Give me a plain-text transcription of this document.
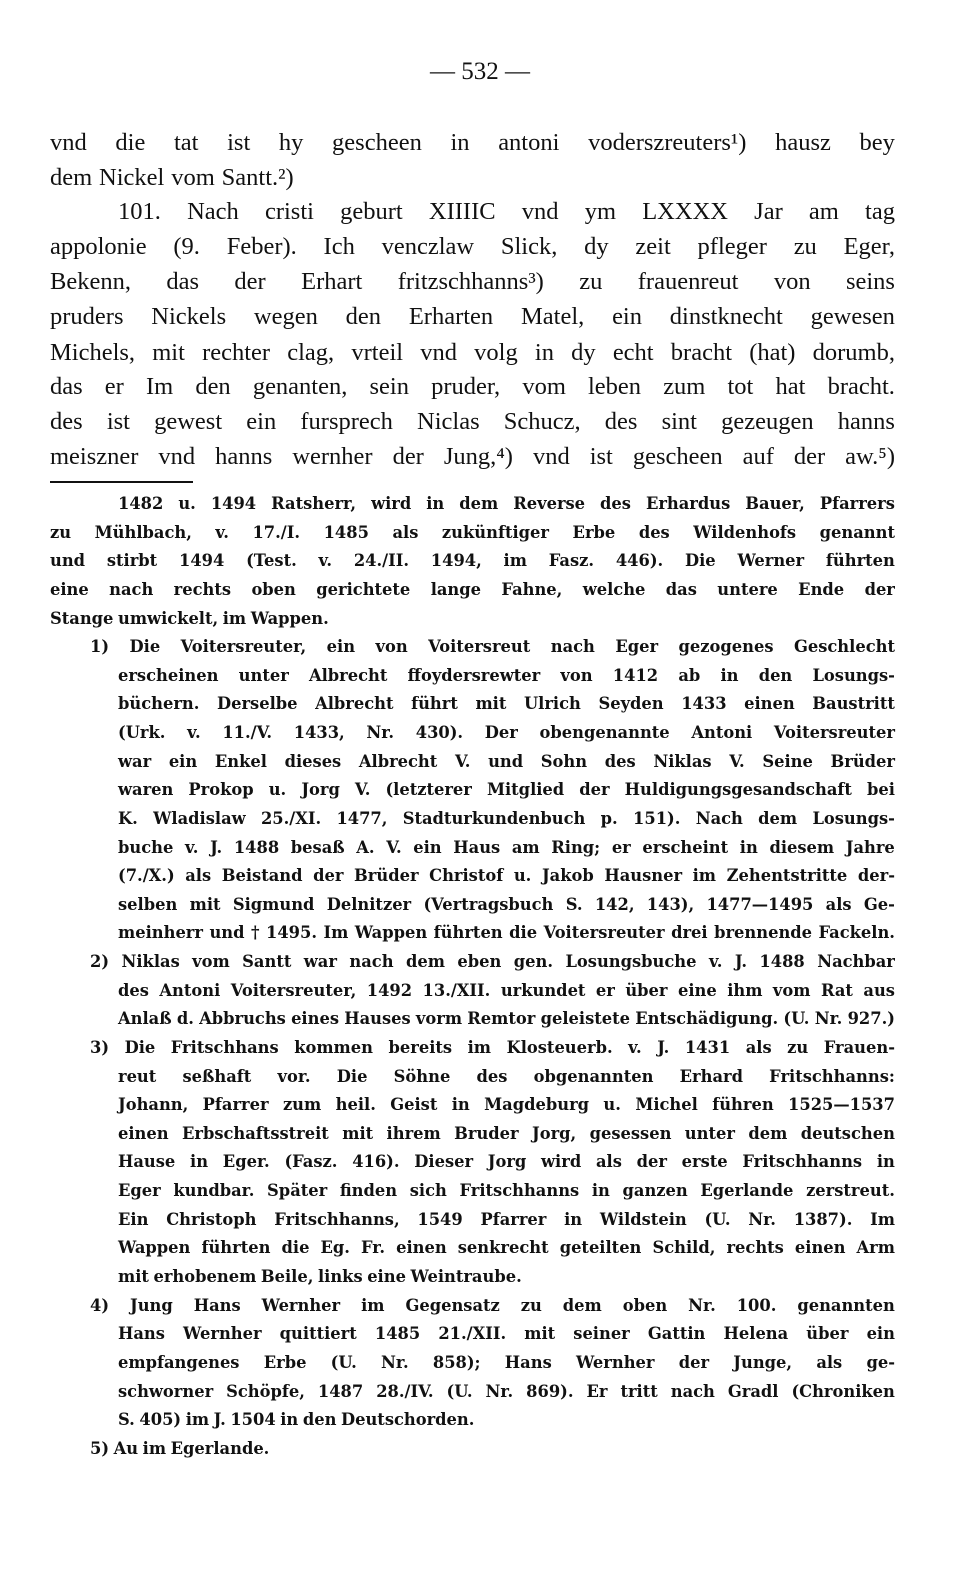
— 532 —
vnd die tat ist hy gescheen in antoni voderszreuters¹) hausz bey
dem Nickel vom Santt.²)
101. Nach cristi geburt XIIIIC vnd ym LXXXX Jar am tag
appolonie (9. Feber). Ich venczlaw Slick, dy zeit pfleger zu Eger,
Bekenn, das der Erhart fritzschhanns³) zu frauenreut von seins
pruders Nickels wegen den Erharten Matel, ein dinstknecht gewesen
Michels, mit rechter clag, vrteil vnd volg in dy echt bracht (hat) dorumb,
das er Im den genanten, sein pruder, vom leben zum tot hat bracht.
des ist gewest ein fursprech Niclas Schucz, des sint gezeugen hanns
meiszner vnd hanns wernher der Jung,⁴) vnd ist gescheen auf der aw.⁵)
1482 u. 1494 Ratsherr, wird in dem Reverse des Erhardus Bauer, Pfarrers
zu Mühlbach, v. 17./I. 1485 als zukünftiger Erbe des Wildenhofs genannt
und stirbt 1494 (Test. v. 24./II. 1494, im Fasz. 446). Die Werner führten
eine nach rechts oben gerichtete lange Fahne, welche das untere Ende der
Stange umwickelt, im Wappen.
1) Die Voitersreuter, ein von Voitersreut nach Eger gezogenes Geschlecht
erscheinen unter Albrecht ffoydersrewter von 1412 ab in den Losungs-
büchern. Derselbe Albrecht führt mit Ulrich Seyden 1433 einen Baustritt
(Urk. v. 11./V. 1433, Nr. 430). Der obengenannte Antoni Voitersreuter
war ein Enkel dieses Albrecht V. und Sohn des Niklas V. Seine Brüder
waren Prokop u. Jorg V. (letzterer Mitglied der Huldigungsgesandschaft bei
K. Wladislaw 25./XI. 1477, Stadturkundenbuch p. 151). Nach dem Losungs-
buche v. J. 1488 besaß A. V. ein Haus am Ring; er erscheint in diesem Jahre
(7./X.) als Beistand der Brüder Christof u. Jakob Hausner im Zehentstritte der-
selben mit Sigmund Delnitzer (Vertragsbuch S. 142, 143), 1477—1495 als Ge-
meinherr und † 1495. Im Wappen führten die Voitersreuter drei brennende Fackeln.
2) Niklas vom Santt war nach dem eben gen. Losungsbuche v. J. 1488 Nachbar
des Antoni Voitersreuter, 1492 13./XII. urkundet er über eine ihm vom Rat aus
Anlaß d. Abbruchs eines Hauses vorm Remtor geleistete Entschädigung. (U. Nr. 927.)
3) Die Fritschhans kommen bereits im Klosteuerb. v. J. 1431 als zu Frauen-
reut seßhaft vor. Die Söhne des obgenannten Erhard Fritschhanns:
Johann, Pfarrer zum heil. Geist in Magdeburg u. Michel führen 1525—1537
einen Erbschaftsstreit mit ihrem Bruder Jorg, gesessen unter dem deutschen
Hause in Eger. (Fasz. 416). Dieser Jorg wird als der erste Fritschhanns in
Eger kundbar. Später finden sich Fritschhanns in ganzen Egerlande zerstreut.
Ein Christoph Fritschhanns, 1549 Pfarrer in Wildstein (U. Nr. 1387). Im
Wappen führten die Eg. Fr. einen senkrecht geteilten Schild, rechts einen Arm
mit erhobenem Beile, links eine Weintraube.
4) Jung Hans Wernher im Gegensatz zu dem oben Nr. 100. genannten
Hans Wernher quittiert 1485 21./XII. mit seiner Gattin Helena über ein
empfangenes Erbe (U. Nr. 858); Hans Wernher der Junge, als ge-
schworner Schöpfe, 1487 28./IV. (U. Nr. 869). Er tritt nach Gradl (Chroniken
S. 405) im J. 1504 in den Deutschorden.
5) Au im Egerlande.
